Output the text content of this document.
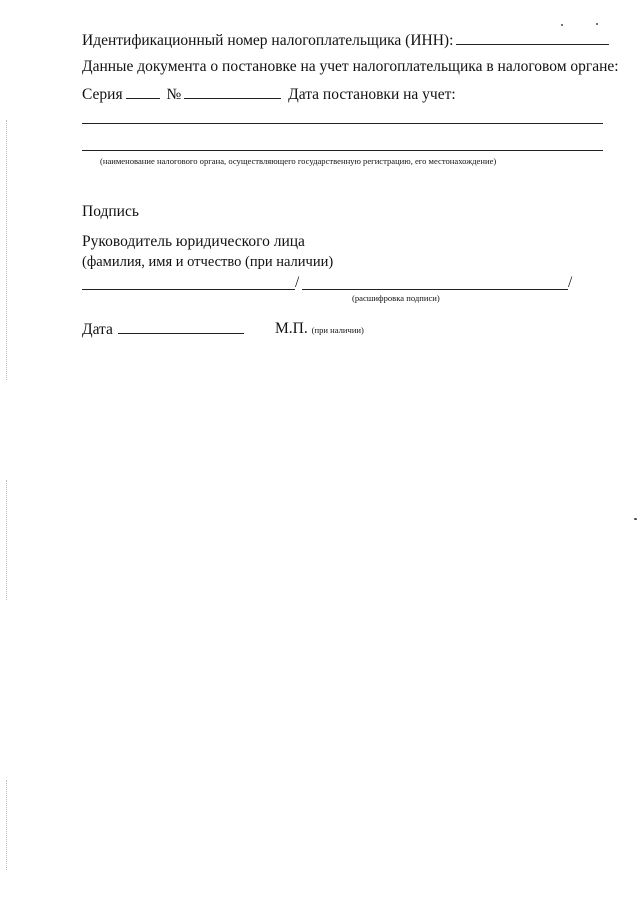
Идентификационный номер налогоплательщика (ИНН):
Данные документа о постановке на учет налогоплательщика в налоговом органе:
Серия	№	Дата постановки на учет:
(наименование налогового органа, осуществляющего государственную регистрацию, его местонахождение)
Подпись
Руководитель юридического лица
(фамилия, имя и отчество (при наличии)
/	/
(расшифровка подписи)
Дата	М.П. (при наличии)
